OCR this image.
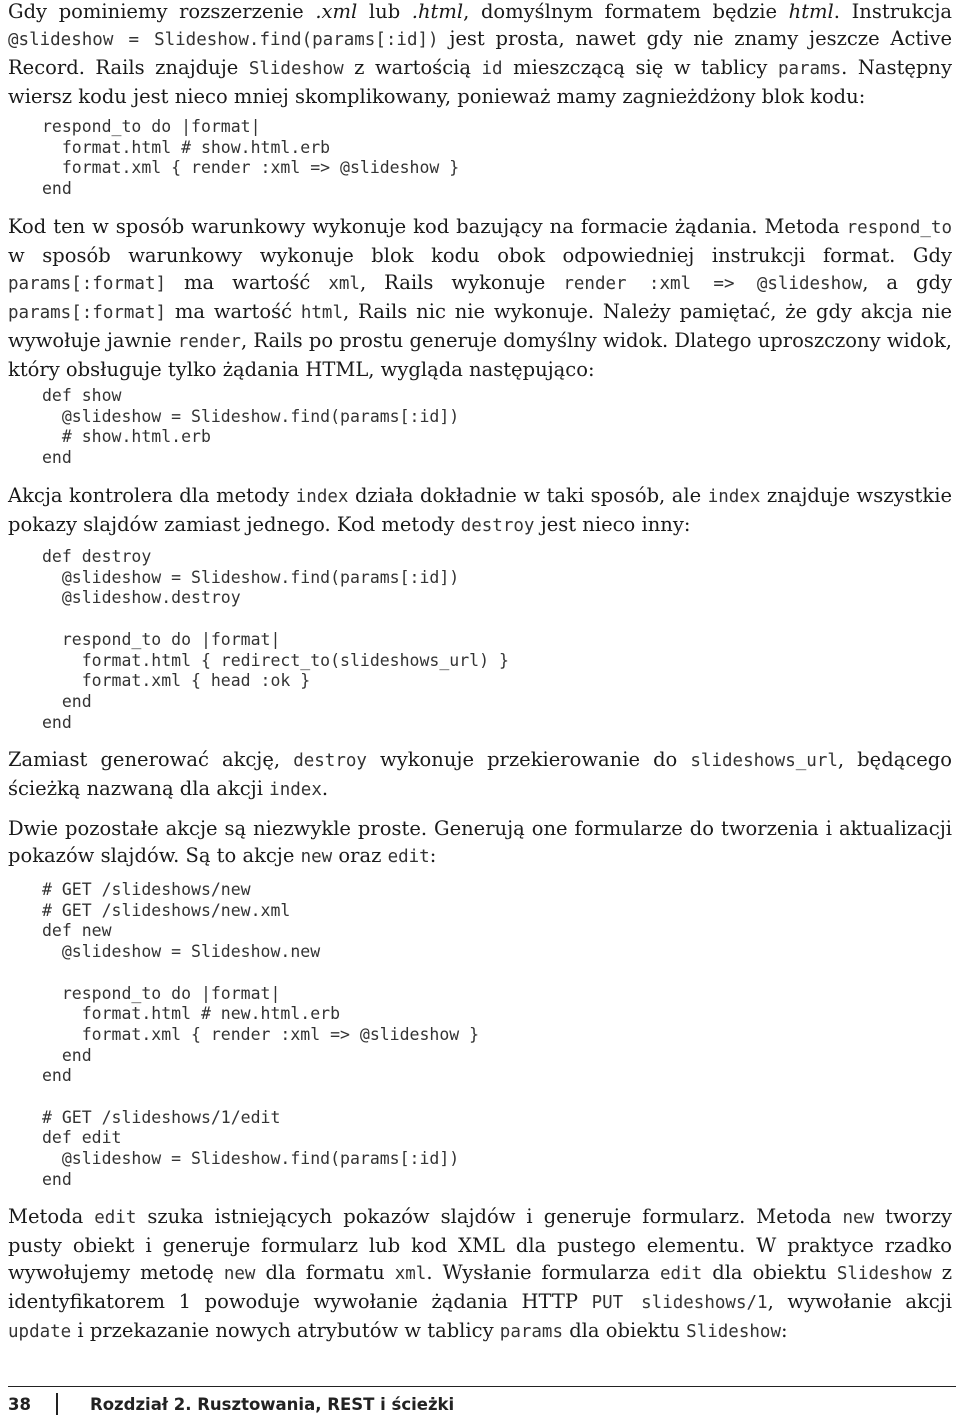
Gdy pominiemy rozszerzenie .xml lub .html, domyślnym formatem będzie html. Instrukcja @slideshow = Slideshow.find(params[:id]) jest prosta, nawet gdy nie znamy jeszcze Active Record. Rails znajduje Slideshow z wartością id mieszczącą się w tablicy params. Następny wiersz kodu jest nieco mniej skomplikowany, ponieważ mamy zagnieżdżony blok kodu:

respond_to do |format|
format.html # show.html.erb
format.xml { render :xml => @slideshow }
end

Kod ten w sposób warunkowy wykonuje kod bazujący na formacie żądania. Metoda respond_to w sposób warunkowy wykonuje blok kodu obok odpowiedniej instrukcji format. Gdy params[:format] ma wartość xml, Rails wykonuje render :xml => @slideshow, a gdy params[:format] ma wartość html, Rails nic nie wykonuje. Należy pamiętać, że gdy akcja nie wywołuje jawnie render, Rails po prostu generuje domyślny widok. Dlatego uproszczony widok, który obsługuje tylko żądania HTML, wygląda następująco:

def show
@slideshow = Slideshow.find(params[:id])
# show.html.erb
end

Akcja kontrolera dla metody index działa dokładnie w taki sposób, ale index znajduje wszystkie pokazy slajdów zamiast jednego. Kod metody destroy jest nieco inny:

def destroy
@slideshow = Slideshow.find(params[:id])
@slideshow.destroy

respond_to do |format|
format.html { redirect_to(slideshows_url) }
format.xml { head :ok }
end
end

Zamiast generować akcję, destroy wykonuje przekierowanie do slideshows_url, będącego ścieżką nazwaną dla akcji index.

Dwie pozostałe akcje są niezwykle proste. Generują one formularze do tworzenia i aktualizacji pokazów slajdów. Są to akcje new oraz edit:

# GET /slideshows/new
# GET /slideshows/new.xml
def new
@slideshow = Slideshow.new

respond_to do |format|
format.html # new.html.erb
format.xml { render :xml => @slideshow }
end
end

# GET /slideshows/1/edit
def edit
@slideshow = Slideshow.find(params[:id])
end

Metoda edit szuka istniejących pokazów slajdów i generuje formularz. Metoda new tworzy pusty obiekt i generuje formularz lub kod XML dla pustego elementu. W praktyce rzadko wywołujemy metodę new dla formatu xml. Wysłanie formularza edit dla obiektu Slideshow z identyfikatorem 1 powoduje wywołanie żądania HTTP PUT slideshows/1, wywołanie akcji update i przekazanie nowych atrybutów w tablicy params dla obiektu Slideshow:

38	Rozdział 2. Rusztowania, REST i ścieżki
